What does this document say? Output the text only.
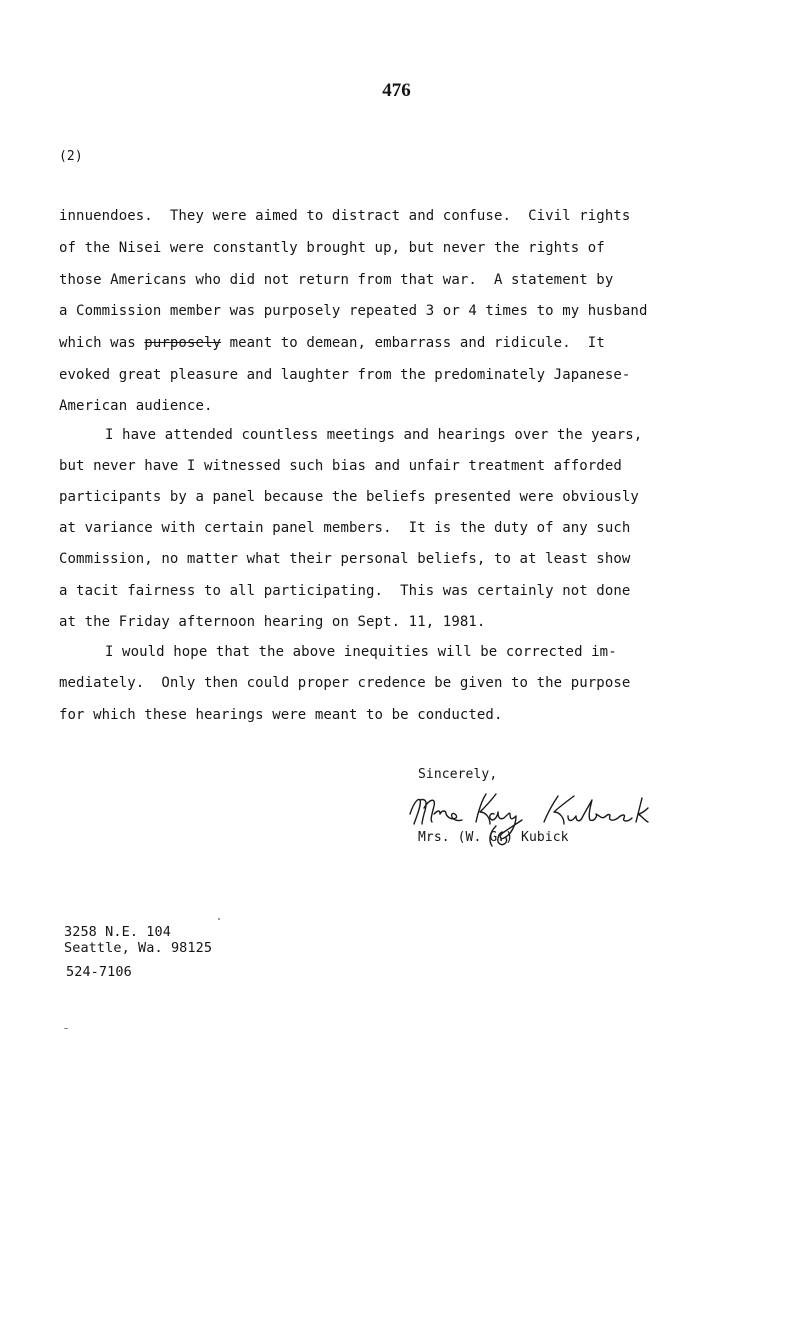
476
(2)
innuendoes.  They were aimed to distract and confuse.  Civil rights
of the Nisei were constantly brought up, but never the rights of
those Americans who did not return from that war.  A statement by
a Commission member was purposely repeated 3 or 4 times to my husband
which was purposely meant to demean, embarrass and ridicule.  It
evoked great pleasure and laughter from the predominately Japanese-
American audience.
I have attended countless meetings and hearings over the years,
but never have I witnessed such bias and unfair treatment afforded
participants by a panel because the beliefs presented were obviously
at variance with certain panel members.  It is the duty of any such
Commission, no matter what their personal beliefs, to at least show
a tacit fairness to all participating.  This was certainly not done
at the Friday afternoon hearing on Sept. 11, 1981.
I would hope that the above inequities will be corrected im-
mediately.  Only then could proper credence be given to the purpose
for which these hearings were meant to be conducted.
Sincerely,
Mrs. (W. G.) Kubick
3258 N.E. 104
Seattle, Wa. 98125
524-7106
